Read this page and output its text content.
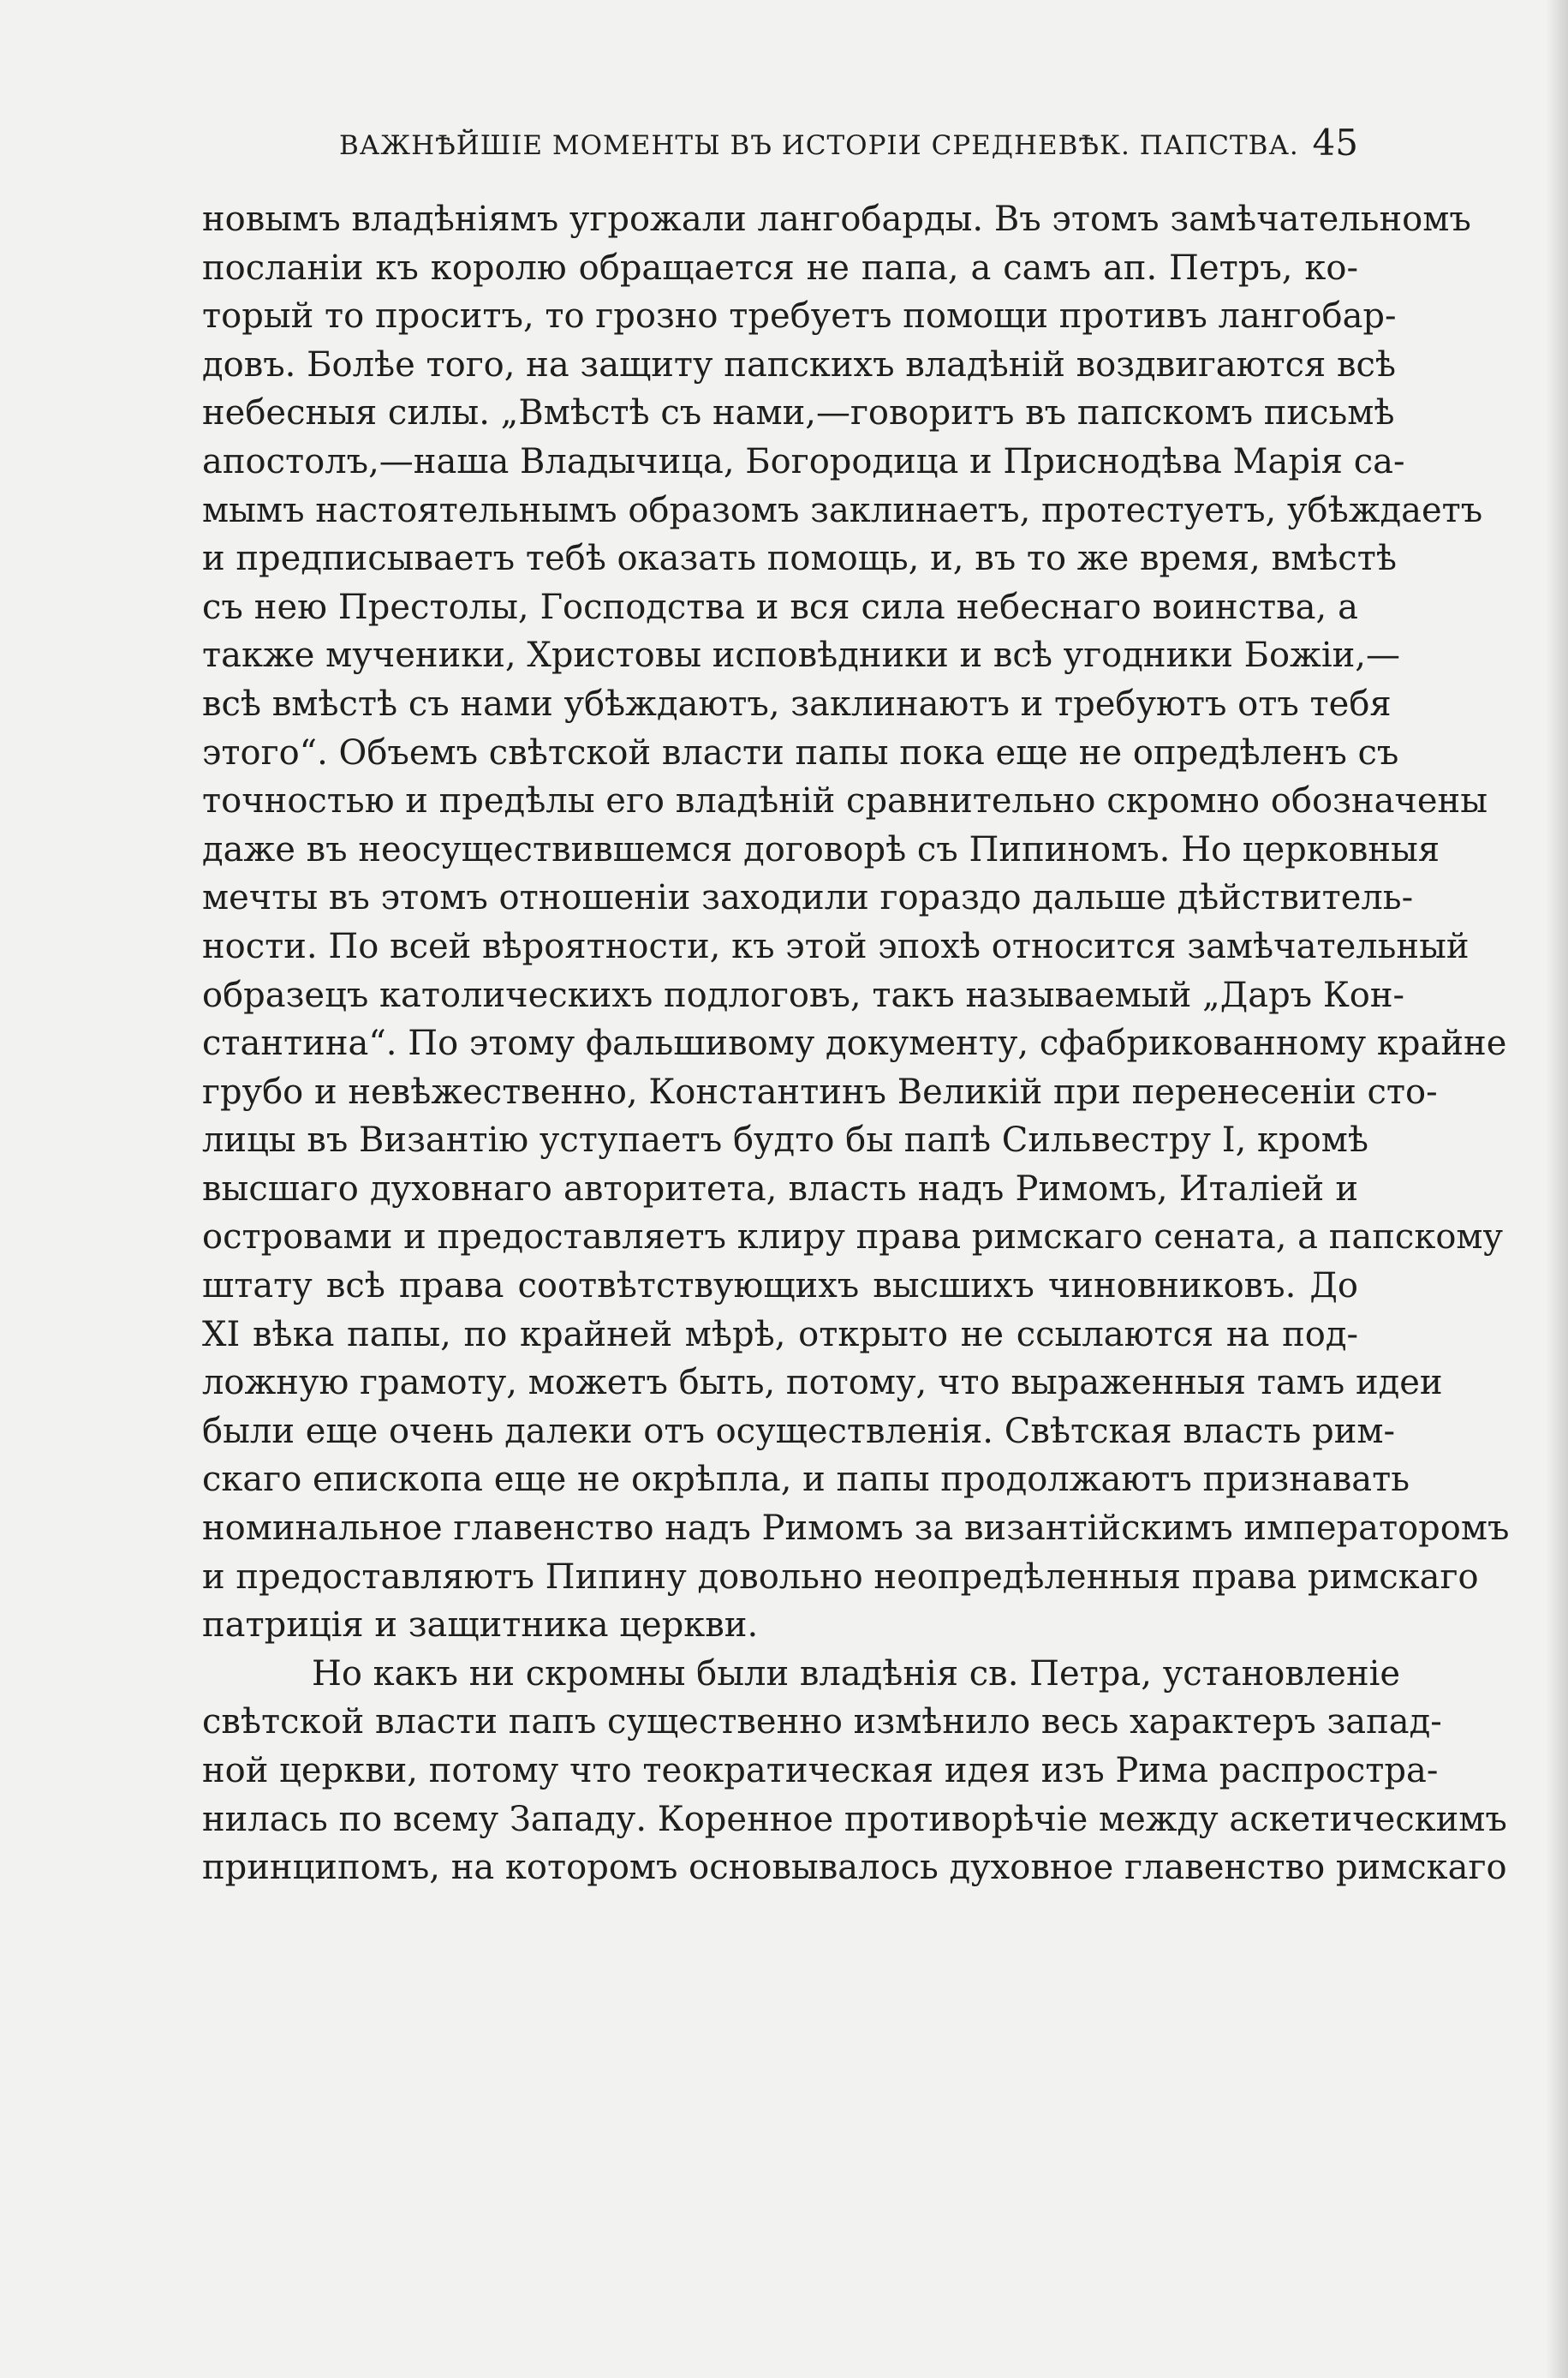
ВАЖНѢЙШІЕ МОМЕНТЫ ВЪ ИСТОРІИ СРЕДНЕВѢК. ПАПСТВА. 45
новымъ владѣніямъ угрожали лангобарды. Въ этомъ замѣчательномъ
посланіи къ королю обращается не папа, а самъ ап. Петръ, ко-
торый то проситъ, то грозно требуетъ помощи противъ лангобар-
довъ. Болѣе того, на защиту папскихъ владѣній воздвигаются всѣ
небесныя силы. „Вмѣстѣ съ нами,—говоритъ въ папскомъ письмѣ
апостолъ,—наша Владычица, Богородица и Приснодѣва Марія са-
мымъ настоятельнымъ образомъ заклинаетъ, протестуетъ, убѣждаетъ
и предписываетъ тебѣ оказать помощь, и, въ то же время, вмѣстѣ
съ нею Престолы, Господства и вся сила небеснаго воинства, а
также мученики, Христовы исповѣдники и всѣ угодники Божіи,—
всѣ вмѣстѣ съ нами убѣждаютъ, заклинаютъ и требуютъ отъ тебя
этого“. Объемъ свѣтской власти папы пока еще не опредѣленъ съ
точностью и предѣлы его владѣній сравнительно скромно обозначены
даже въ неосуществившемся договорѣ съ Пипиномъ. Но церковныя
мечты въ этомъ отношеніи заходили гораздо дальше дѣйствитель-
ности. По всей вѣроятности, къ этой эпохѣ относится замѣчательный
образецъ католическихъ подлоговъ, такъ называемый „Даръ Кон-
стантина“. По этому фальшивому документу, сфабрикованному крайне
грубо и невѣжественно, Константинъ Великій при перенесеніи сто-
лицы въ Византію уступаетъ будто бы папѣ Сильвестру I, кромѣ
высшаго духовнаго авторитета, власть надъ Римомъ, Италіей и
островами и предоставляетъ клиру права римскаго сената, а папскому
штату всѣ права соотвѣтствующихъ высшихъ чиновниковъ. До
XI вѣка папы, по крайней мѣрѣ, открыто не ссылаются на под-
ложную грамоту, можетъ быть, потому, что выраженныя тамъ идеи
были еще очень далеки отъ осуществленія. Свѣтская власть рим-
скаго епископа еще не окрѣпла, и папы продолжаютъ признавать
номинальное главенство надъ Римомъ за византійскимъ императоромъ
и предоставляютъ Пипину довольно неопредѣленныя права римскаго
патриція и защитника церкви.
Но какъ ни скромны были владѣнія св. Петра, установленіе
свѣтской власти папъ существенно измѣнило весь характеръ запад-
ной церкви, потому что теократическая идея изъ Рима распростра-
нилась по всему Западу. Коренное противорѣчіе между аскетическимъ
принципомъ, на которомъ основывалось духовное главенство римскаго
